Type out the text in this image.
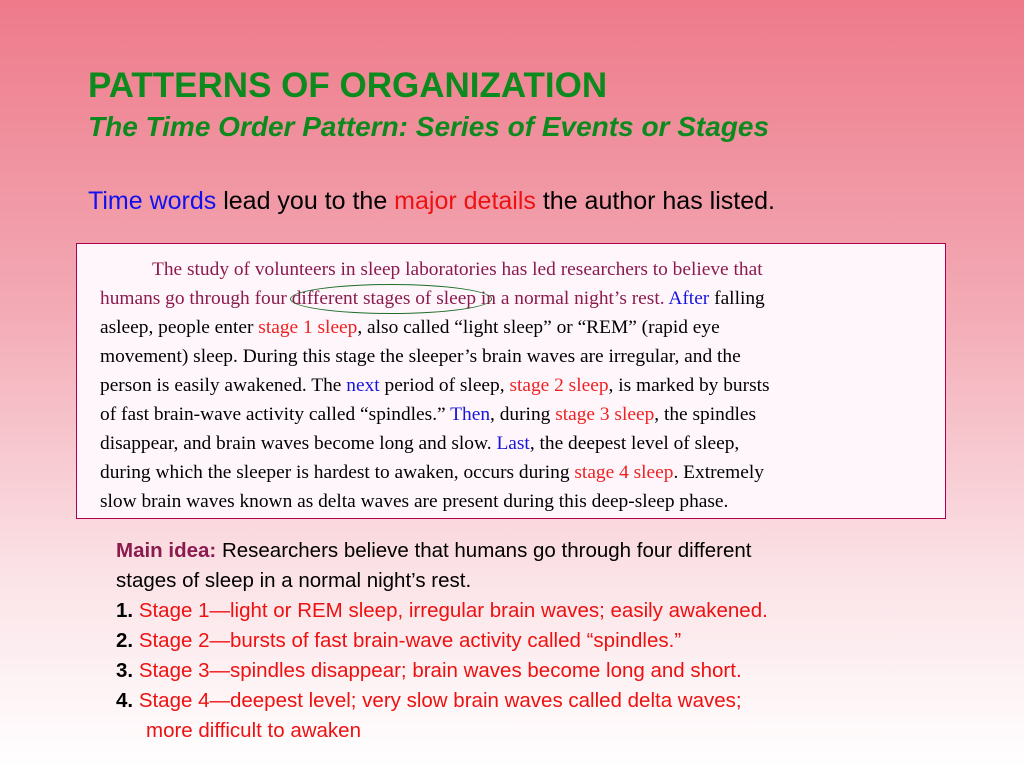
PATTERNS OF ORGANIZATION
The Time Order Pattern: Series of Events or Stages
Time words lead you to the major details the author has listed.
The study of volunteers in sleep laboratories has led researchers to believe that
humans go through four different stages of sleep in a normal night’s rest. After falling
asleep, people enter stage 1 sleep, also called “light sleep” or “REM” (rapid eye
movement) sleep. During this stage the sleeper’s brain waves are irregular, and the
person is easily awakened. The next period of sleep, stage 2 sleep, is marked by bursts
of fast brain-wave activity called “spindles.” Then, during stage 3 sleep, the spindles
disappear, and brain waves become long and slow. Last, the deepest level of sleep,
during which the sleeper is hardest to awaken, occurs during stage 4 sleep. Extremely
slow brain waves known as delta waves are present during this deep-sleep phase.
Main idea: Researchers believe that humans go through four different
stages of sleep in a normal night’s rest.
1. Stage 1—light or REM sleep, irregular brain waves; easily awakened.
2. Stage 2—bursts of fast brain-wave activity called “spindles.”
3. Stage 3—spindles disappear; brain waves become long and short.
4. Stage 4—deepest level; very slow brain waves called delta waves;
more difficult to awaken
